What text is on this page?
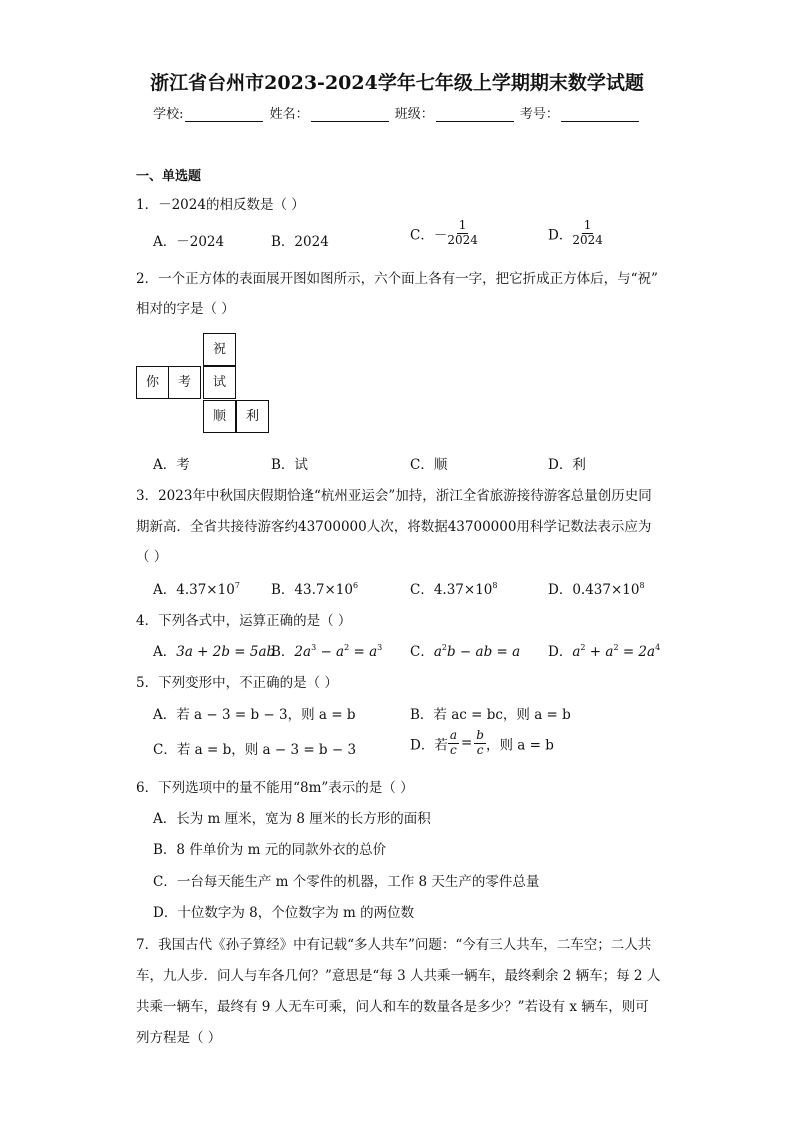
浙江省台州市2023-2024学年七年级上学期期末数学试题
学校:	姓名：	班级：	考号：
一、单选题
1．－2024的相反数是（ ）
A．－2024	B．2024	C．－ $\frac{1}{2024}$	D． $\frac{1}{2024}$
2．一个正方体的表面展开图如图所示，六个面上各有一字，把它折成正方体后，与“祝”
相对的字是（ ）
祝
你	考	试
顺	利
A．考	B．试	C．顺	D．利
3．2023年中秋国庆假期恰逢“杭州亚运会”加持，浙江全省旅游接待游客总量创历史同
期新高．全省共接待游客约43700000人次，将数据43700000用科学记数法表示应为
（ ）
A．$4.37\times 10^7$ B．$43.7\times 10^6$	C．$4.37\times 10^8$	D．$0.437\times 10^8$
4．下列各式中，运算正确的是（ ）
A．3a + 2b = 5ab
B．$2a^3 - a^2 = a^3$ C．$a^2b$ − ab = a D．$a^2 + a^2 = 2a^4$
5．下列变形中，不正确的是（ ）
A．若 a − 3 = b − 3，则 a = b	B．若 ac = bc，则 a = b
C．若 a = b，则 a − 3 = b − 3	D．若 $\frac{a}{c} = \frac{b}{c}$ ，则 a = b
6．下列选项中的量不能用“8m”表示的是（ ）
A．长为 m 厘米，宽为 8 厘米的长方形的面积
B．8 件单价为 m 元的同款外衣的总价
C．一台每天能生产 m 个零件的机器，工作 8 天生产的零件总量
D．十位数字为 8，个位数字为 m 的两位数
7．我国古代《孙子算经》中有记载“多人共车”问题：“今有三人共车，二车空；二人共
车，九人步．问人与车各几何？”意思是“每 3 人共乘一辆车，最终剩余 2 辆车；每 2 人
共乘一辆车，最终有 9 人无车可乘，问人和车的数量各是多少？”若设有 x 辆车，则可
列方程是（ ）
